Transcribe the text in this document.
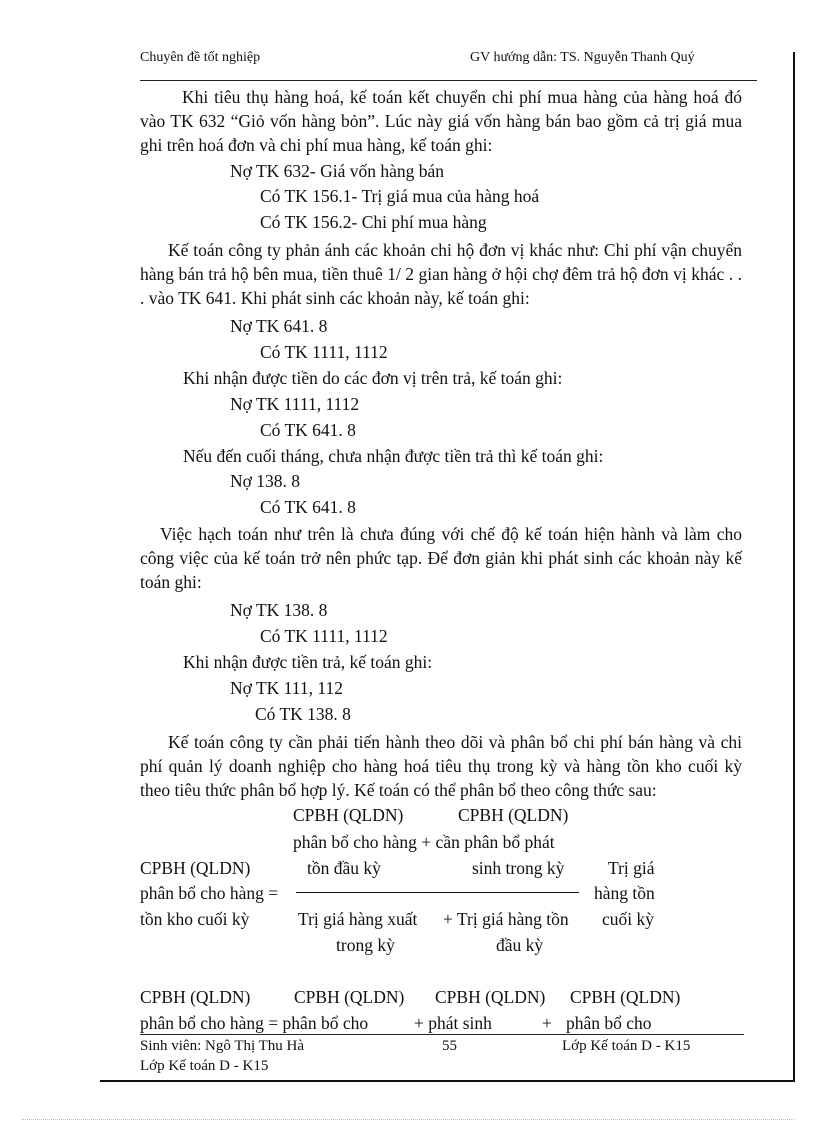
Chuyên đề tốt nghiệp	GV hướng dẫn: TS. Nguyễn Thanh Quý
Khi tiêu thụ hàng hoá, kế toán kết chuyển chi phí mua hàng của hàng hoá đó vào TK 632 “Giỏ vốn hàng bỏn”. Lúc này giá vốn hàng bán bao gồm cả trị giá mua ghi trên hoá đơn và chi phí mua hàng, kế toán ghi:
Nợ TK 632- Giá vốn hàng bán
Có TK 156.1- Trị giá mua của hàng hoá
Có TK 156.2- Chi phí mua hàng
Kế toán công ty phản ánh các khoản chi hộ đơn vị khác như: Chi phí vận chuyển hàng bán trả hộ bên mua, tiền thuê 1/ 2 gian hàng ở hội chợ đêm trả hộ đơn vị khác . . . vào TK 641. Khi phát sinh các khoản này, kế toán ghi:
Nợ TK 641. 8
Có TK 1111, 1112
Khi nhận được tiền do các đơn vị trên trả, kế toán ghi:
Nợ TK 1111, 1112
Có TK 641. 8
Nếu đến cuối tháng, chưa nhận được tiền trả thì kế toán ghi:
Nợ 138. 8
Có TK 641. 8
Việc hạch toán như trên là chưa đúng với chế độ kế toán hiện hành và làm cho công việc của kế toán trở nên phức tạp. Để đơn giản khi phát sinh các khoản này kế toán ghi:
Nợ TK 138. 8
Có TK 1111, 1112
Khi nhận được tiền trả, kế toán ghi:
Nợ TK 111, 112
Có TK 138. 8
Kế toán công ty cần phải tiến hành theo dõi và phân bổ chi phí bán hàng và chi phí quản lý doanh nghiệp cho hàng hoá tiêu thụ trong kỳ và hàng tồn kho cuối kỳ theo tiêu thức phân bổ hợp lý. Kế toán có thể phân bổ theo công thức sau:
CPBH (QLDN)	CPBH (QLDN)
phân bổ cho hàng + cần phân bổ phát
CPBH (QLDN)	tồn đầu kỳ	sinh trong kỳ Trị giá
phân bổ cho hàng =	hàng tồn
tồn kho cuối kỳ	Trị giá hàng xuất + Trị giá hàng tồn cuối kỳ
trong kỳ	đầu kỳ
CPBH (QLDN) CPBH (QLDN) CPBH (QLDN) CPBH (QLDN)
phân bổ cho hàng = phân bổ cho	+ phát sinh	+ phân bổ cho
Sinh viên: Ngô Thị Thu Hà	55	Lớp Kế toán D - K15
Lớp Kế toán D - K15
